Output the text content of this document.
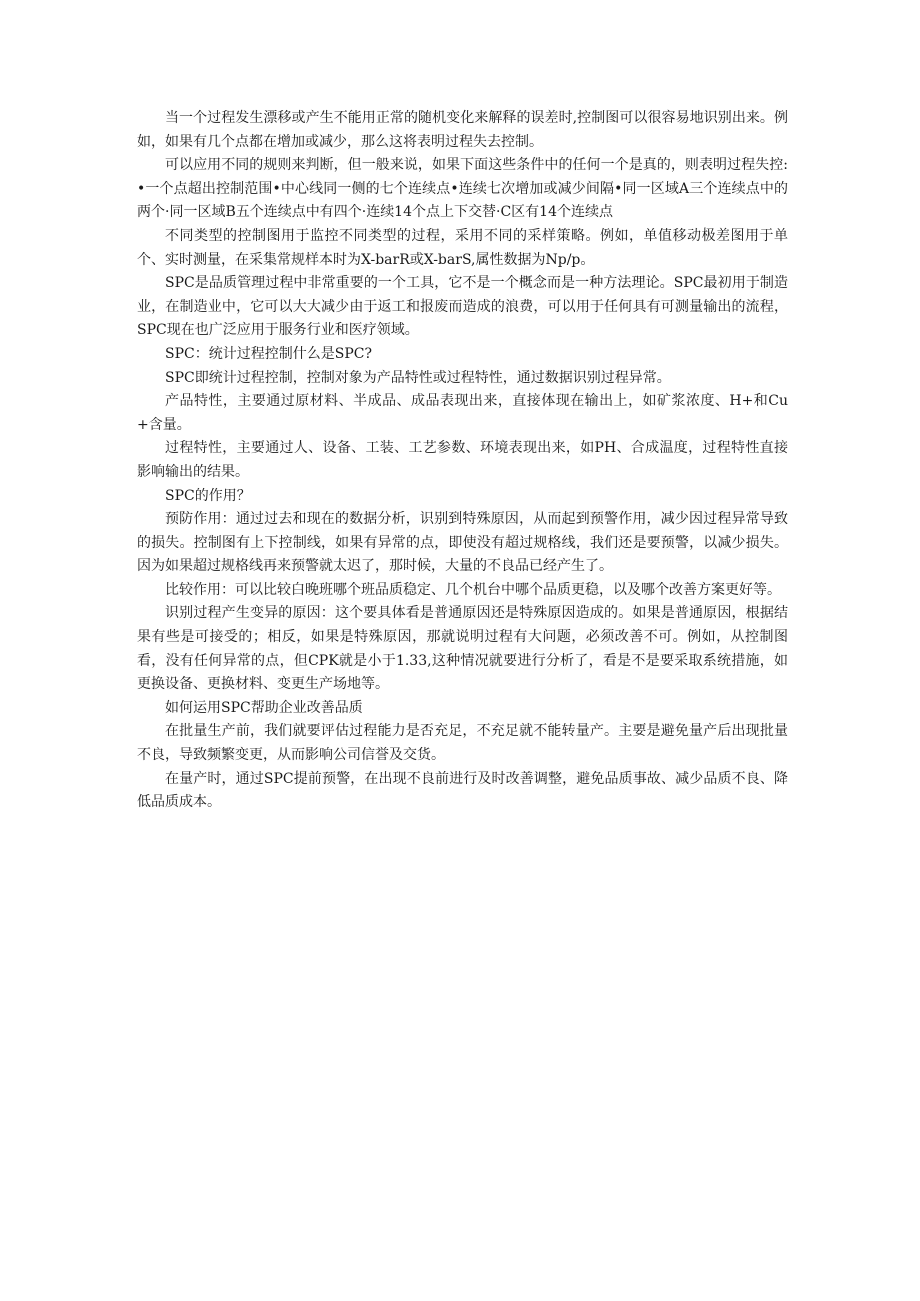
当一个过程发生漂移或产生不能用正常的随机变化来解释的误差时,控制图可以很容易地识别出来。例如，如果有几个点都在增加或减少，那么这将表明过程失去控制。

可以应用不同的规则来判断，但一般来说，如果下面这些条件中的任何一个是真的，则表明过程失控:•一个点超出控制范围•中心线同一侧的七个连续点•连续七次增加或减少间隔•同一区域A三个连续点中的两个·同一区域B五个连续点中有四个·连续14个点上下交替·C区有14个连续点

不同类型的控制图用于监控不同类型的过程，采用不同的采样策略。例如，单值移动极差图用于单个、实时测量，在采集常规样本时为X-barR或X-barS,属性数据为Np/p。

SPC是品质管理过程中非常重要的一个工具，它不是一个概念而是一种方法理论。SPC最初用于制造业，在制造业中，它可以大大减少由于返工和报废而造成的浪费，可以用于任何具有可测量输出的流程，SPC现在也广泛应用于服务行业和医疗领域。

SPC：统计过程控制什么是SPC?

SPC即统计过程控制，控制对象为产品特性或过程特性，通过数据识别过程异常。

产品特性，主要通过原材料、半成品、成品表现出来，直接体现在输出上，如矿浆浓度、H+和Cu+含量。

过程特性，主要通过人、设备、工装、工艺参数、环境表现出来，如PH、合成温度，过程特性直接影响输出的结果。

SPC的作用？

预防作用：通过过去和现在的数据分析，识别到特殊原因，从而起到预警作用，减少因过程异常导致的损失。控制图有上下控制线，如果有异常的点，即使没有超过规格线，我们还是要预警，以减少损失。因为如果超过规格线再来预警就太迟了，那时候，大量的不良品已经产生了。

比较作用：可以比较白晚班哪个班品质稳定、几个机台中哪个品质更稳，以及哪个改善方案更好等。

识别过程产生变异的原因：这个要具体看是普通原因还是特殊原因造成的。如果是普通原因，根据结果有些是可接受的；相反，如果是特殊原因，那就说明过程有大问题，必须改善不可。例如，从控制图看，没有任何异常的点，但CPK就是小于1.33,这种情况就要进行分析了，看是不是要采取系统措施，如更换设备、更换材料、变更生产场地等。

如何运用SPC帮助企业改善品质

在批量生产前，我们就要评估过程能力是否充足，不充足就不能转量产。主要是避免量产后出现批量不良，导致频繁变更，从而影响公司信誉及交货。

在量产时，通过SPC提前预警，在出现不良前进行及时改善调整，避免品质事故、减少品质不良、降低品质成本。
